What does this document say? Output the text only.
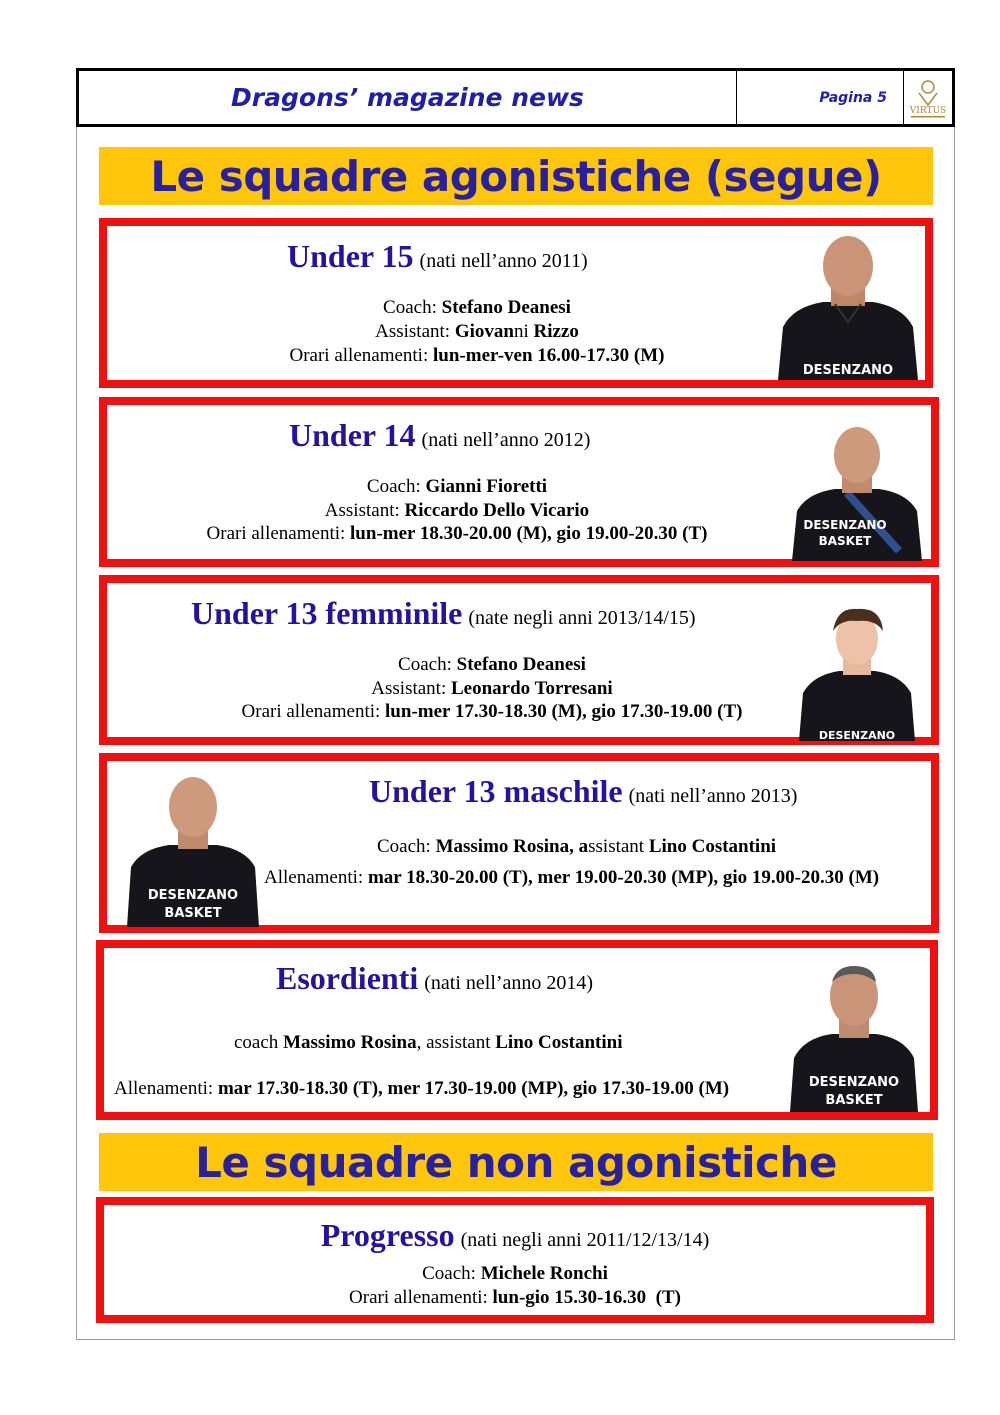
Dragons’ magazine news	Pagina 5
VIRTUS
Le squadre agonistiche (segue)
Under 15 (nati nell’anno 2011)
Coach: Stefano Deanesi
Assistant: Giovanni Rizzo
Orari allenamenti: lun-mer-ven 16.00-17.30 (M)
DESENZANO
Under 14 (nati nell’anno 2012)
Coach: Gianni Fioretti
Assistant: Riccardo Dello Vicario
Orari allenamenti: lun-mer 18.30-20.00 (M), gio 19.00-20.30 (T)	DESENZANO
BASKET
Under 13 femminile (nate negli anni 2013/14/15)
Coach: Stefano Deanesi
Assistant: Leonardo Torresani
Orari allenamenti: lun-mer 17.30-18.30 (M), gio 17.30-19.00 (T)
DESENZANO
DESENZANO
BASKET
Under 13 maschile (nati nell’anno 2013)
Coach: Massimo Rosina, assistant Lino Costantini
Allenamenti: mar 18.30-20.00 (T), mer 19.00-20.30 (MP), gio 19.00-20.30 (M)
Esordienti (nati nell’anno 2014)
coach Massimo Rosina, assistant Lino Costantini
Allenamenti: mar 17.30-18.30 (T), mer 17.30-19.00 (MP), gio 17.30-19.00 (M)	DESENZANO
BASKET
Le squadre non agonistiche
Progresso (nati negli anni 2011/12/13/14)
Coach: Michele Ronchi
Orari allenamenti: lun-gio 15.30-16.30  (T)
